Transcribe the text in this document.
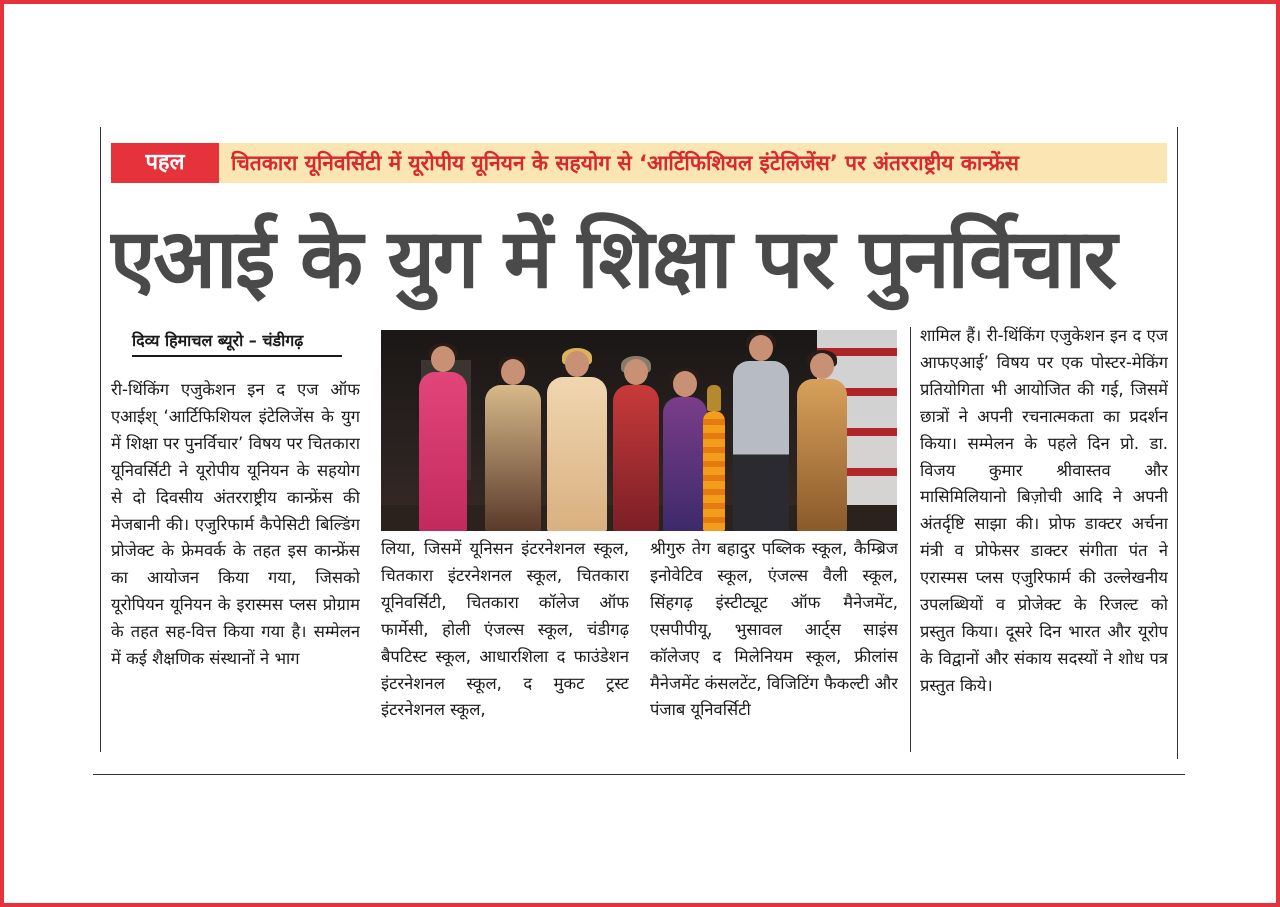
पहल	चितकारा यूनिवर्सिटी में यूरोपीय यूनियन के सहयोग से ‘आर्टिफिशियल इंटेलिजेंस’ पर अंतरराष्ट्रीय कान्फ्रेंस
एआई के युग में शिक्षा पर पुनर्विचार
दिव्य हिमाचल ब्यूरो – चंडीगढ़

री-थिंकिंग एजुकेशन इन द एज ऑफ एआईश् ‘आर्टिफिशियल इंटेलिजेंस के युग में शिक्षा पर पुनर्विचार’ विषय पर चितकारा यूनिवर्सिटी ने यूरोपीय यूनियन के सहयोग से दो दिवसीय अंतरराष्ट्रीय कान्फ्रेंस की मेजबानी की। एजुरिफार्म कैपेसिटी बिल्डिंग प्रोजेक्ट के फ्रेमवर्क के तहत इस कान्फ्रेंस का आयोजन किया गया, जिसको यूरोपियन यूनियन के इरास्मस प्लस प्रोग्राम के तहत सह-वित्त किया गया है। सम्मेलन में कई शैक्षणिक संस्थानों ने भाग

लिया, जिसमें यूनिसन इंटरनेशनल स्कूल, चितकारा इंटरनेशनल स्कूल, चितकारा यूनिवर्सिटी, चितकारा कॉलेज ऑफ फार्मेसी, होली एंजल्स स्कूल, चंडीगढ़ बैपटिस्ट स्कूल, आधारशिला द फाउंडेशन इंटरनेशनल स्कूल, द मुकट ट्रस्ट इंटरनेशनल स्कूल,

श्रीगुरु तेग बहादुर पब्लिक स्कूल, कैम्ब्रिज इनोवेटिव स्कूल, एंजल्स वैली स्कूल, सिंहगढ़ इंस्टीट्यूट ऑफ मैनेजमेंट, एसपीपीयू, भुसावल आर्ट्स साइंस कॉलेजए द मिलेनियम स्कूल, फ्रीलांस मैनेजमेंट कंसलटेंट, विजिटिंग फैकल्टी और पंजाब यूनिवर्सिटी

शामिल हैं। री-थिंकिंग एजुकेशन इन द एज आफएआई’ विषय पर एक पोस्टर-मेकिंग प्रतियोगिता भी आयोजित की गई, जिसमें छात्रों ने अपनी रचनात्मकता का प्रदर्शन किया। सम्मेलन के पहले दिन प्रो. डा. विजय कुमार श्रीवास्तव और मासिमिलियानो बिज़ोची आदि ने अपनी अंतर्दृष्टि साझा की। प्रोफ डाक्टर अर्चना मंत्री व प्रोफेसर डाक्टर संगीता पंत ने एरास्मस प्लस एजुरिफार्म की उल्लेखनीय उपलब्धियों व प्रोजेक्ट के रिजल्ट को प्रस्तुत किया। दूसरे दिन भारत और यूरोप के विद्वानों और संकाय सदस्यों ने शोध पत्र प्रस्तुत किये।
